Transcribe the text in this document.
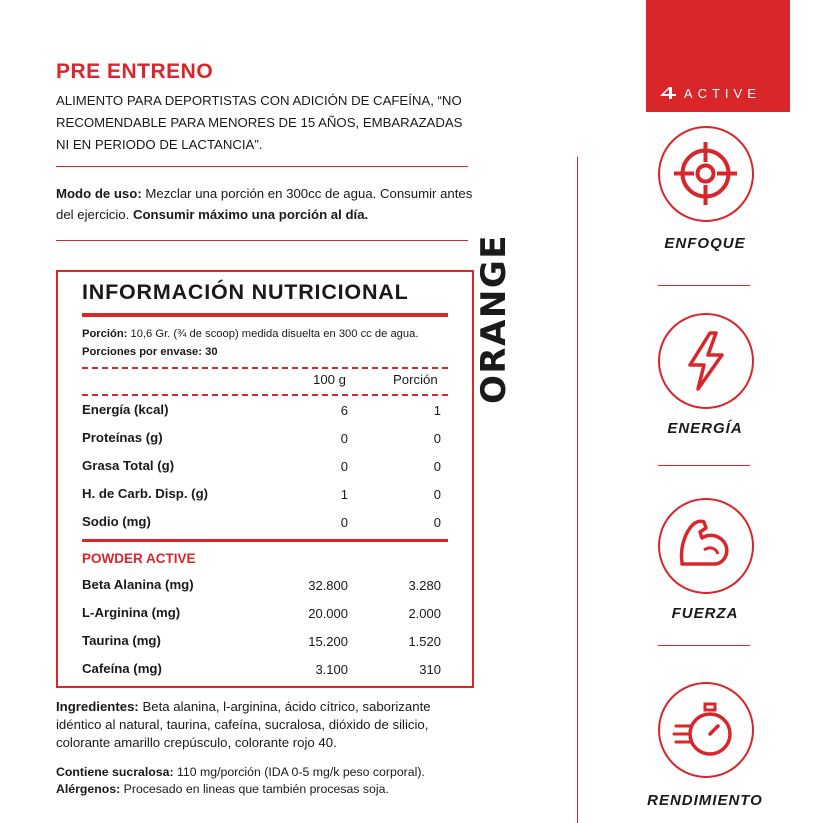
PRE ENTRENO
ALIMENTO PARA DEPORTISTAS CON ADICIÓN DE CAFEÍNA, “NO RECOMENDABLE PARA MENORES DE 15 AÑOS, EMBARAZADAS NI EN PERIODO DE LACTANCIA”.
Modo de uso: Mezclar una porción en 300cc de agua. Consumir antes del ejercicio. Consumir máximo una porción al día.
INFORMACIÓN NUTRICIONAL
Porción: 10,6 Gr. (¾ de scoop) medida disuelta en 300 cc de agua.
Porciones por envase: 30
100 g	Porción
Energía (kcal)	6	1
Proteínas (g)	0	0
Grasa Total (g)	0	0
H. de Carb. Disp. (g)	1	0
Sodio (mg)	0	0
POWDER ACTIVE
Beta Alanina (mg)	32.800	3.280
L-Arginina (mg)	20.000	2.000
Taurina (mg)	15.200	1.520
Cafeína (mg)	3.100	310
ORANGE
Ingredientes: Beta alanina, l-arginina, ácido cítrico, saborizante idéntico al natural, taurina, cafeína, sucralosa, dióxido de silicio, colorante amarillo crepúsculo, colorante rojo 40.
Contiene sucralosa: 110 mg/porción (IDA 0-5 mg/k peso corporal).
Alérgenos: Procesado en lineas que también procesas soja.
ACTIVE
ENFOQUE
ENERGÍA
FUERZA
RENDIMIENTO
